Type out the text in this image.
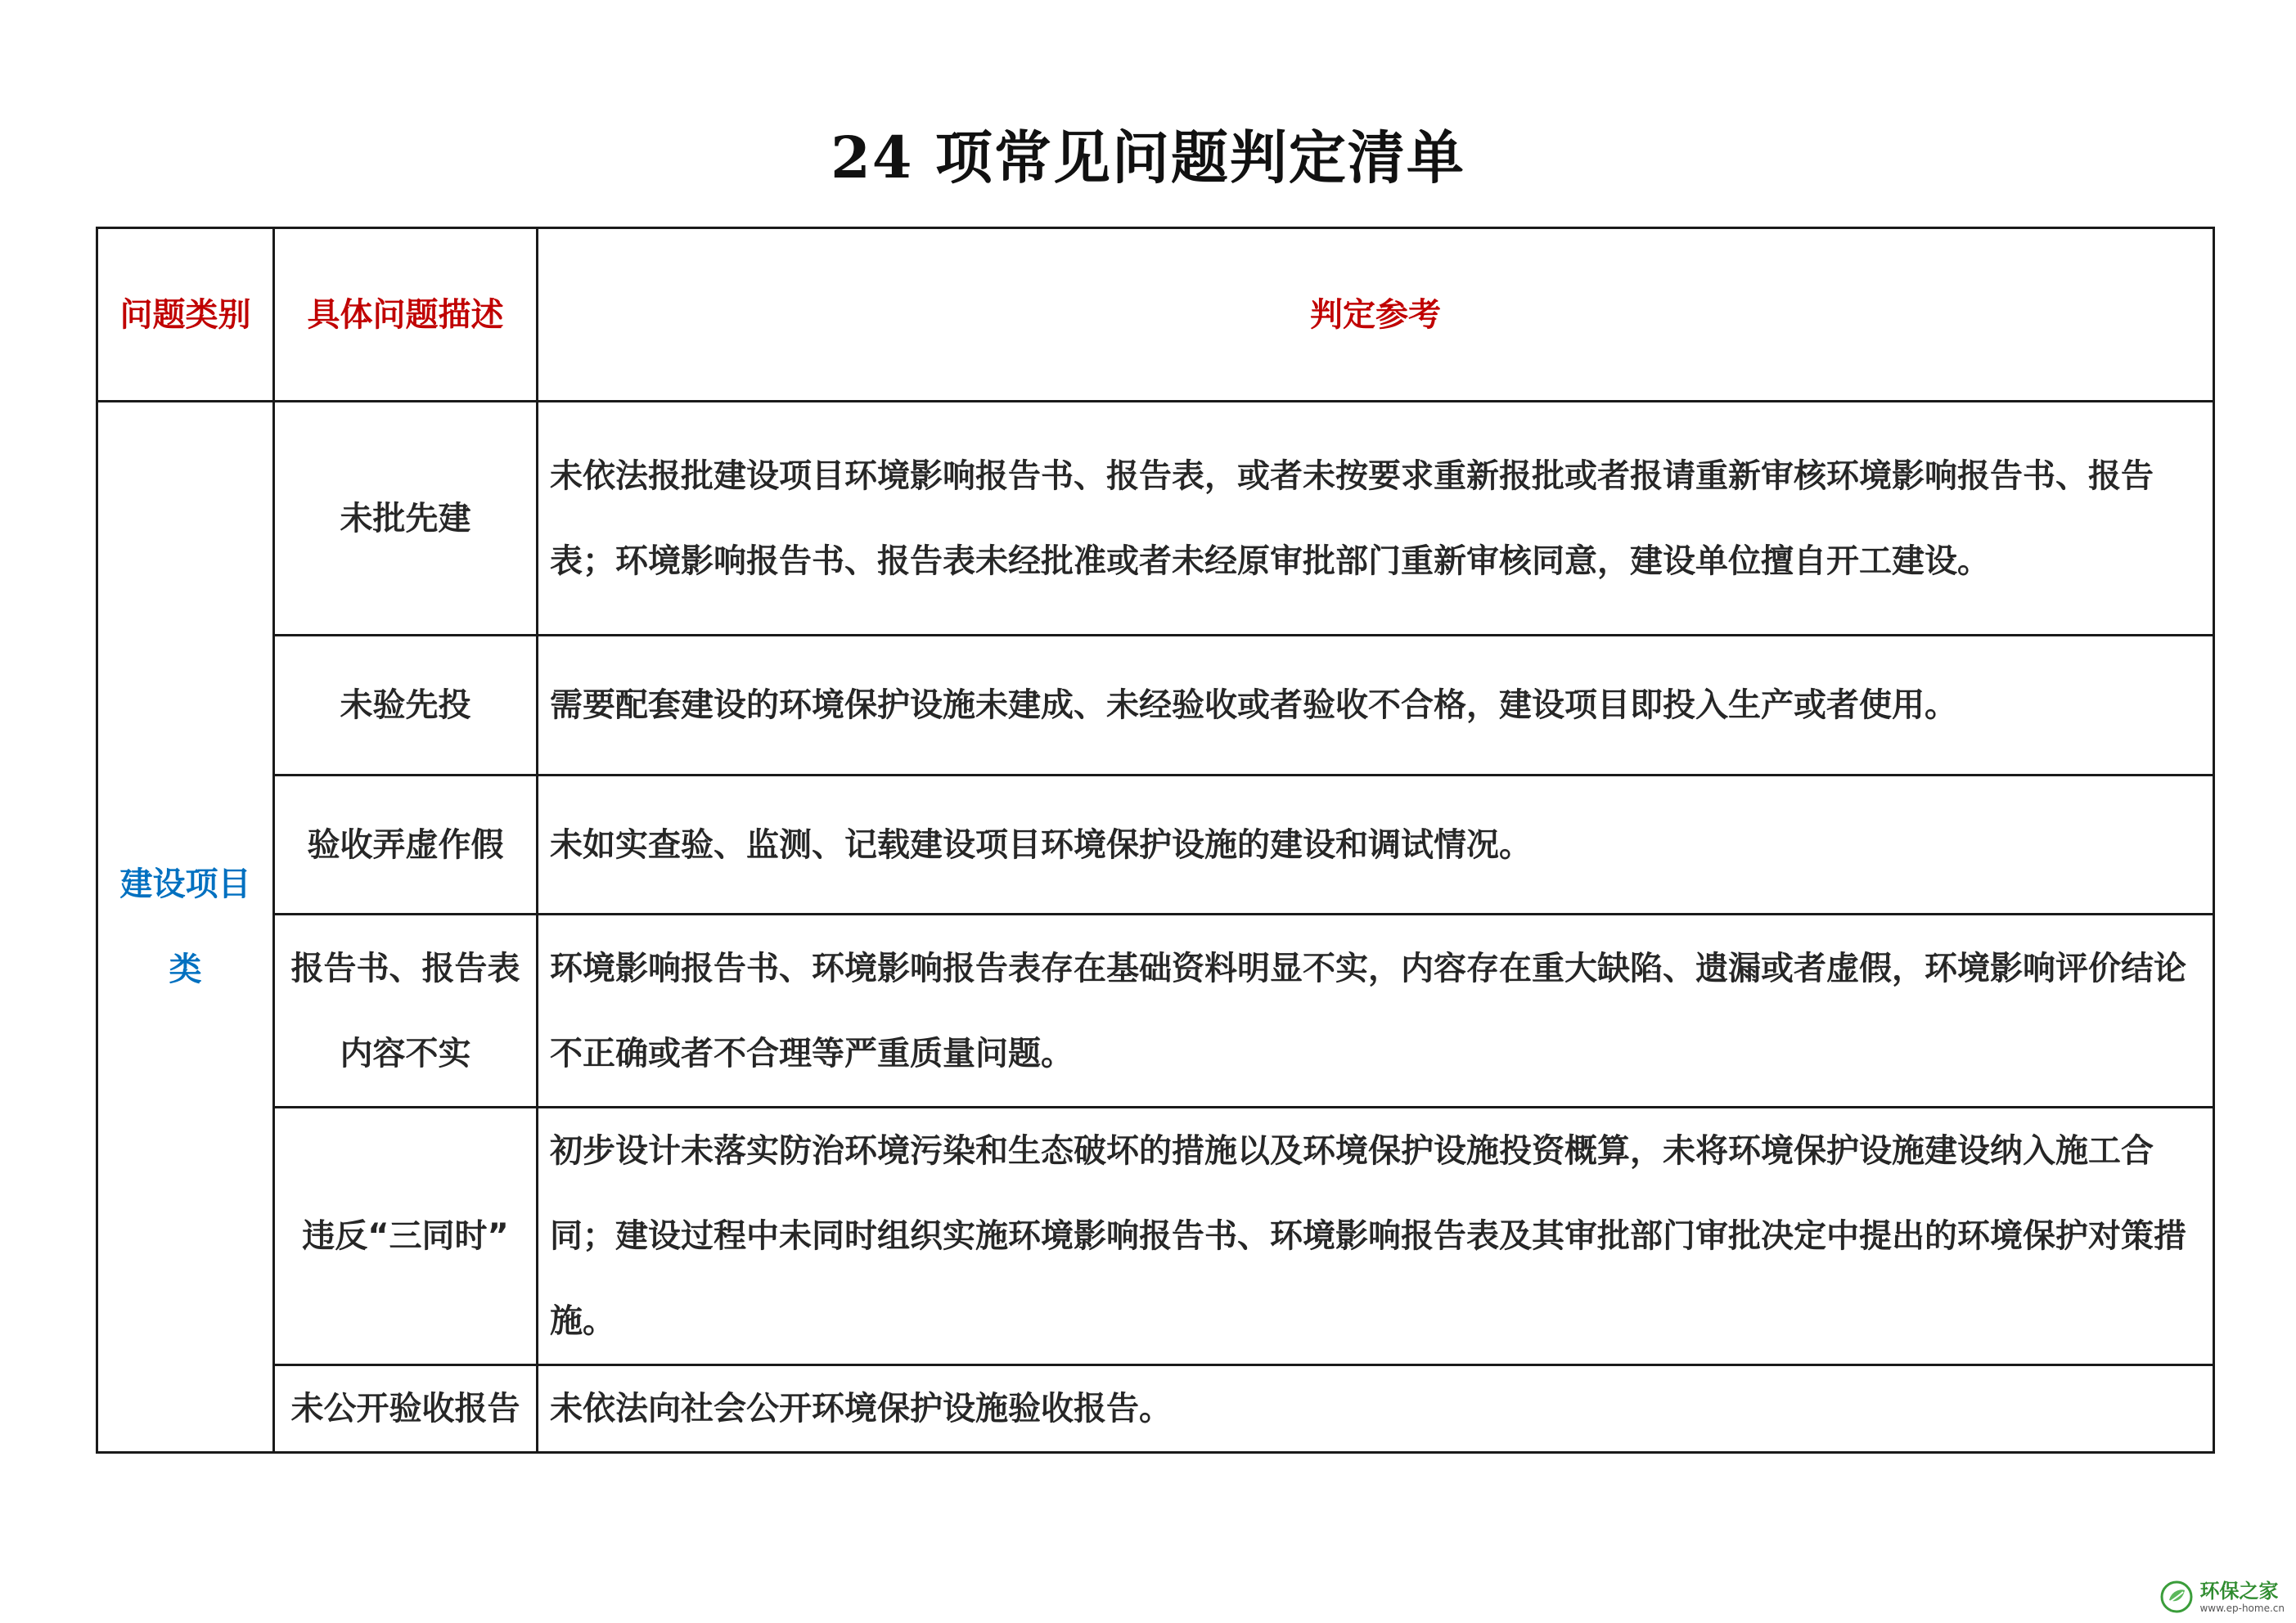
24 项常见问题判定清单
问题类别	具体问题描述	判定参考
建设项目类	未批先建	未依法报批建设项目环境影响报告书、报告表，或者未按要求重新报批或者报请重新审核环境影响报告书、报告表；环境影响报告书、报告表未经批准或者未经原审批部门重新审核同意，建设单位擅自开工建设。
	未验先投	需要配套建设的环境保护设施未建成、未经验收或者验收不合格，建设项目即投入生产或者使用。
	验收弄虚作假	未如实查验、监测、记载建设项目环境保护设施的建设和调试情况。
	报告书、报告表内容不实	环境影响报告书、环境影响报告表存在基础资料明显不实，内容存在重大缺陷、遗漏或者虚假，环境影响评价结论不正确或者不合理等严重质量问题。
	违反“三同时”	初步设计未落实防治环境污染和生态破坏的措施以及环境保护设施投资概算，未将环境保护设施建设纳入施工合同；建设过程中未同时组织实施环境影响报告书、环境影响报告表及其审批部门审批决定中提出的环境保护对策措施。
	未公开验收报告	未依法向社会公开环境保护设施验收报告。
环保之家
www.ep-home.cn
